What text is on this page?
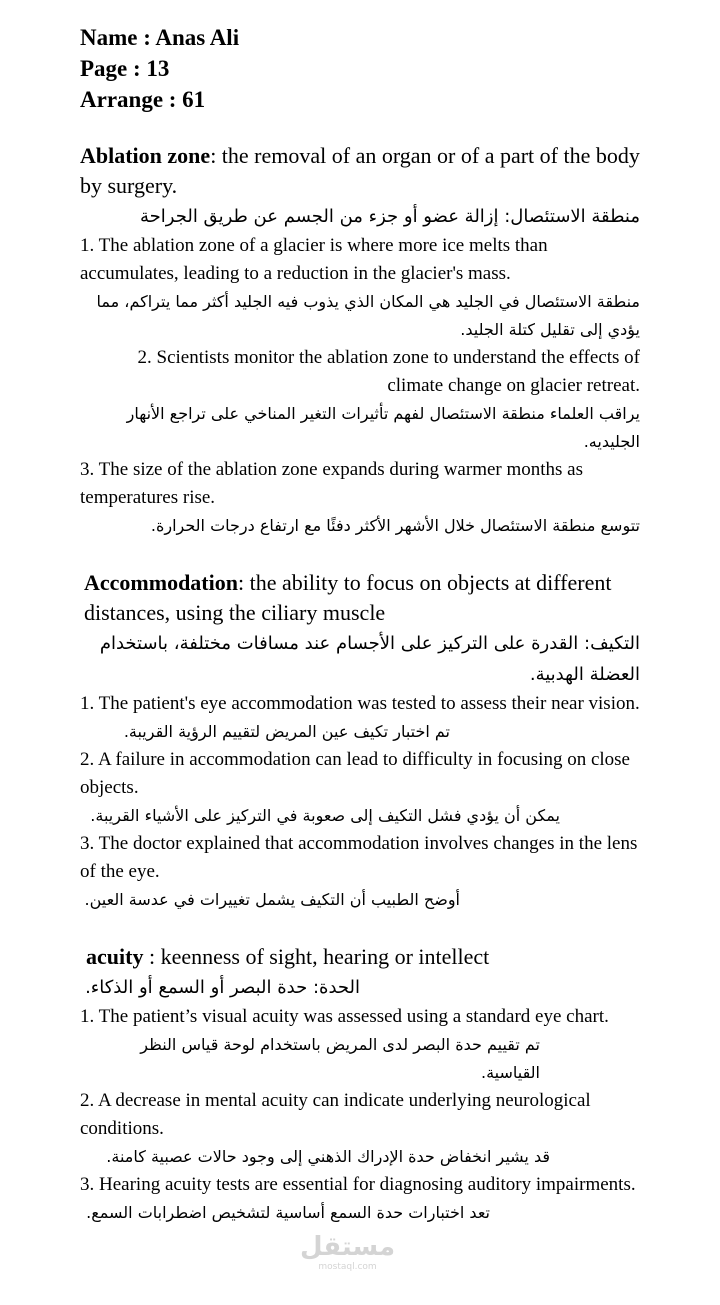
Name : Anas Ali
Page : 13
Arrange : 61
Ablation zone: the removal of an organ or of a part of the body by surgery.
منطقة الاستئصال: إزالة عضو أو جزء من الجسم عن طريق الجراحة
1. The ablation zone of a glacier is where more ice melts than accumulates, leading to a reduction in the glacier's mass.
منطقة الاستئصال في الجليد هي المكان الذي يذوب فيه الجليد أكثر مما يتراكم، مما يؤدي إلى تقليل كتلة الجليد.
2. Scientists monitor the ablation zone to understand the effects of climate change on glacier retreat.
يراقب العلماء منطقة الاستئصال لفهم تأثيرات التغير المناخي على تراجع الأنهار الجليديه.
3. The size of the ablation zone expands during warmer months as temperatures rise.
تتوسع منطقة الاستئصال خلال الأشهر الأكثر دفئًا مع ارتفاع درجات الحرارة.
Accommodation: the ability to focus on objects at different distances, using the ciliary muscle
التكيف: القدرة على التركيز على الأجسام عند مسافات مختلفة، باستخدام العضلة الهدبية.
1. The patient's eye accommodation was tested to assess their near vision.
تم اختبار تكيف عين المريض لتقييم الرؤية القريبة.
2. A failure in accommodation can lead to difficulty in focusing on close objects.
يمكن أن يؤدي فشل التكيف إلى صعوبة في التركيز على الأشياء القريبة.
3. The doctor explained that accommodation involves changes in the lens of the eye.
أوضح الطبيب أن التكيف يشمل تغييرات في عدسة العين.
acuity : keenness of sight, hearing or intellect
الحدة: حدة البصر أو السمع أو الذكاء.
1. The patient’s visual acuity was assessed using a standard eye chart.
تم تقييم حدة البصر لدى المريض باستخدام لوحة قياس النظر القياسية.
2. A decrease in mental acuity can indicate underlying neurological conditions.
قد يشير انخفاض حدة الإدراك الذهني إلى وجود حالات عصبية كامنة.
3. Hearing acuity tests are essential for diagnosing auditory impairments.
تعد اختبارات حدة السمع أساسية لتشخيص اضطرابات السمع.
مستقل
mostaql.com
